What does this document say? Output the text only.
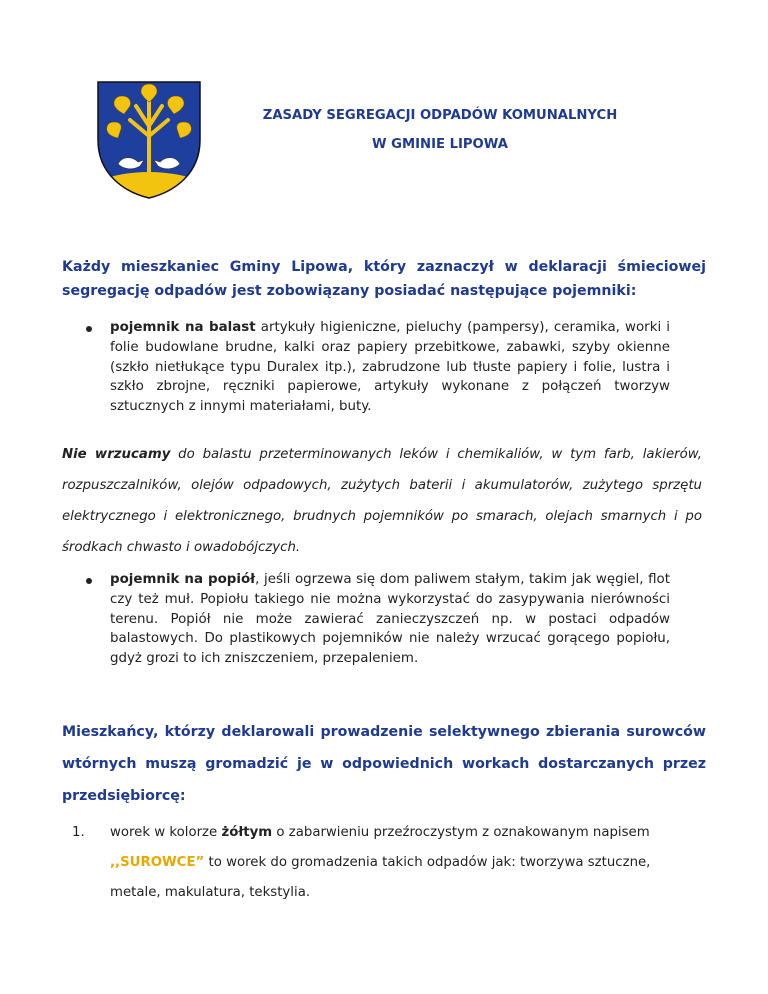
ZASADY SEGREGACJI ODPADÓW KOMUNALNYCH
W GMINIE LIPOWA
Każdy mieszkaniec Gminy Lipowa, który zaznaczył w deklaracji śmieciowej segregację odpadów jest zobowiązany posiadać następujące pojemniki:
pojemnik na balast artykuły higieniczne, pieluchy (pampersy), ceramika, worki i folie budowlane brudne, kalki oraz papiery przebitkowe, zabawki, szyby okienne (szkło nietłukące typu Duralex itp.), zabrudzone lub tłuste papiery i folie, lustra i szkło zbrojne, ręczniki papierowe, artykuły wykonane z połączeń tworzyw sztucznych z innymi materiałami, buty.
Nie wrzucamy do balastu przeterminowanych leków i chemikaliów, w tym farb, lakierów, rozpuszczalników, olejów odpadowych, zużytych baterii i akumulatorów, zużytego sprzętu elektrycznego i elektronicznego, brudnych pojemników po smarach, olejach smarnych i po środkach chwasto i owadobójczych.
pojemnik na popiół, jeśli ogrzewa się dom paliwem stałym, takim jak węgiel, flot czy też muł. Popiołu takiego nie można wykorzystać do zasypywania nierówności terenu. Popiół nie może zawierać zanieczyszczeń np. w postaci odpadów balastowych. Do plastikowych pojemników nie należy wrzucać gorącego popiołu, gdyż grozi to ich zniszczeniem, przepaleniem.
Mieszkańcy, którzy deklarowali prowadzenie selektywnego zbierania surowców wtórnych muszą gromadzić je w odpowiednich workach dostarczanych przez przedsiębiorcę:
1. worek w kolorze żółtym o zabarwieniu przeźroczystym z oznakowanym napisem ,,SUROWCE” to worek do gromadzenia takich odpadów jak: tworzywa sztuczne, metale, makulatura, tekstylia.
